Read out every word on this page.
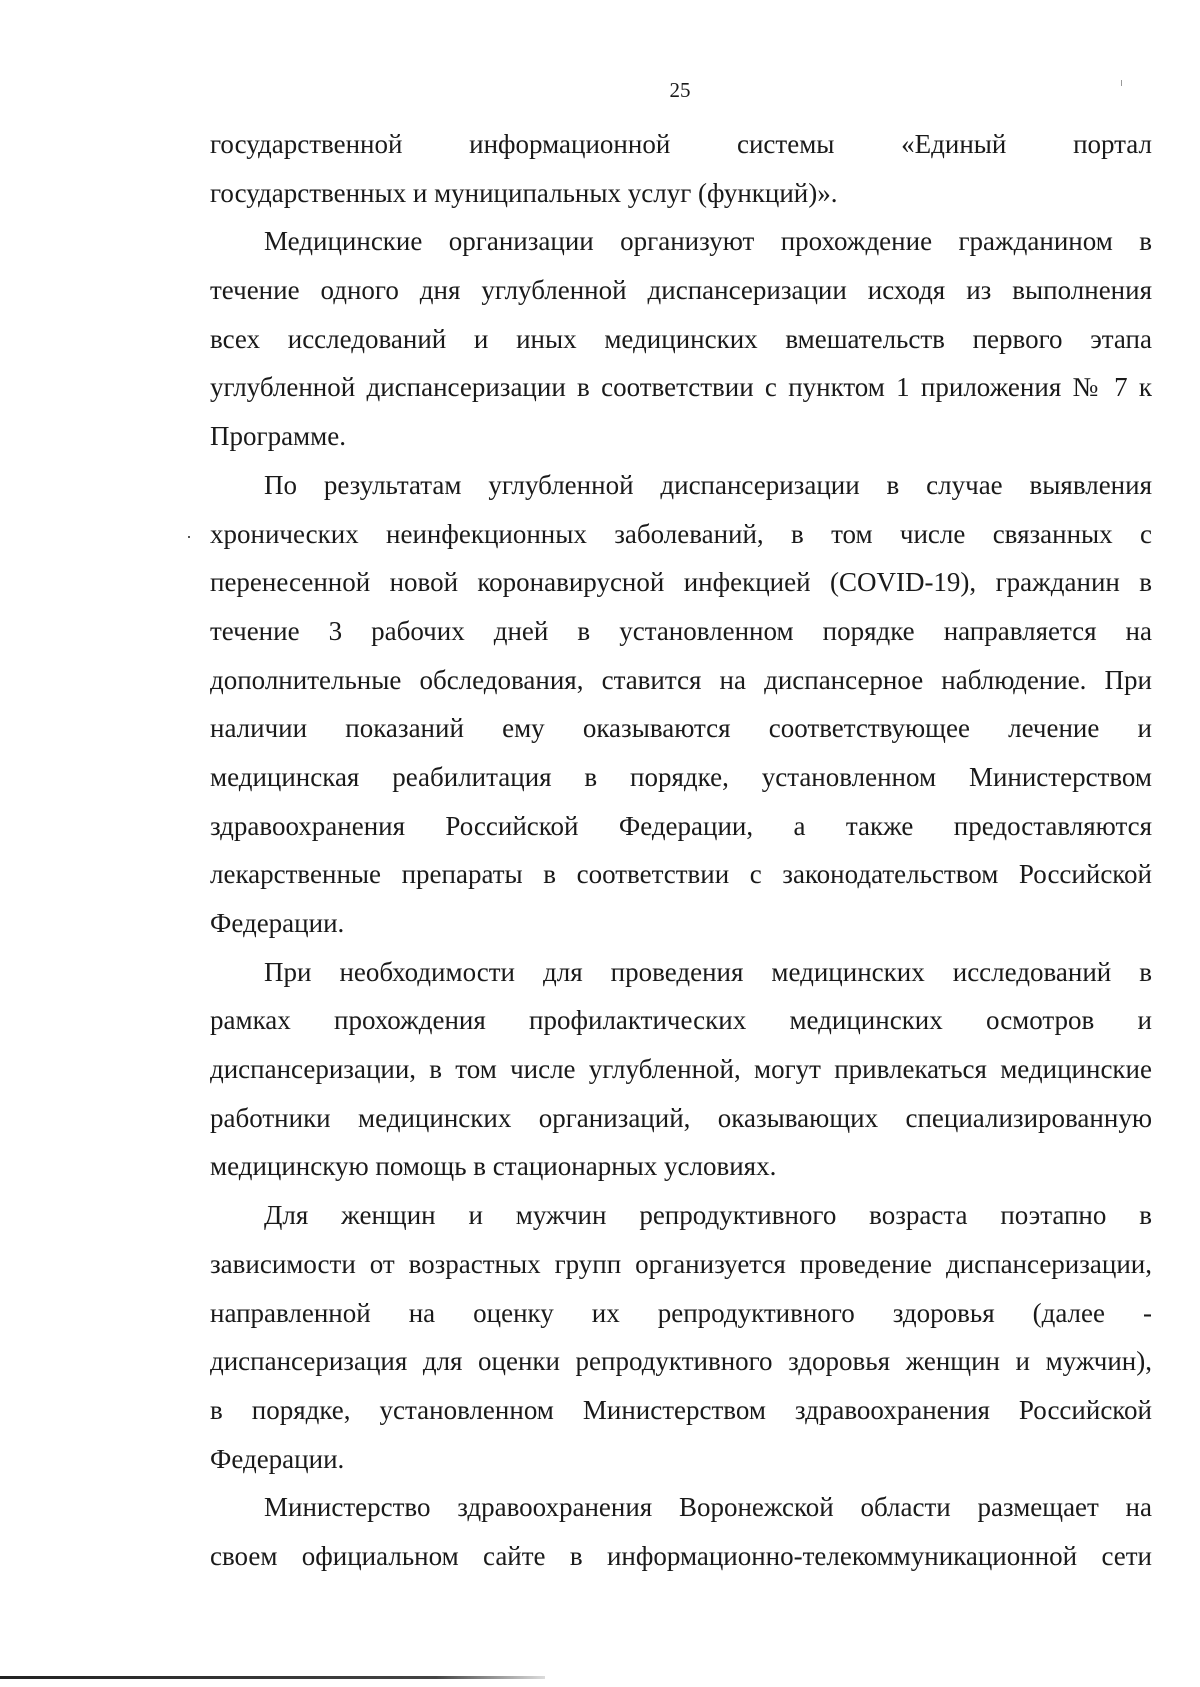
25
государственной информационной системы «Единый портал
государственных и муниципальных услуг (функций)».
Медицинские организации организуют прохождение гражданином в
течение одного дня углубленной диспансеризации исходя из выполнения
всех исследований и иных медицинских вмешательств первого этапа
углубленной диспансеризации в соответствии с пунктом 1 приложения № 7 к
Программе.
По результатам углубленной диспансеризации в случае выявления
хронических неинфекционных заболеваний, в том числе связанных с
перенесенной новой коронавирусной инфекцией (COVID-19), гражданин в
течение 3 рабочих дней в установленном порядке направляется на
дополнительные обследования, ставится на диспансерное наблюдение. При
наличии показаний ему оказываются соответствующее лечение и
медицинская реабилитация в порядке, установленном Министерством
здравоохранения Российской Федерации, а также предоставляются
лекарственные препараты в соответствии с законодательством Российской
Федерации.
При необходимости для проведения медицинских исследований в
рамках прохождения профилактических медицинских осмотров и
диспансеризации, в том числе углубленной, могут привлекаться медицинские
работники медицинских организаций, оказывающих специализированную
медицинскую помощь в стационарных условиях.
Для женщин и мужчин репродуктивного возраста поэтапно в
зависимости от возрастных групп организуется проведение диспансеризации,
направленной на оценку их репродуктивного здоровья (далее -
диспансеризация для оценки репродуктивного здоровья женщин и мужчин),
в порядке, установленном Министерством здравоохранения Российской
Федерации.
Министерство здравоохранения Воронежской области размещает на
своем официальном сайте в информационно-телекоммуникационной сети
